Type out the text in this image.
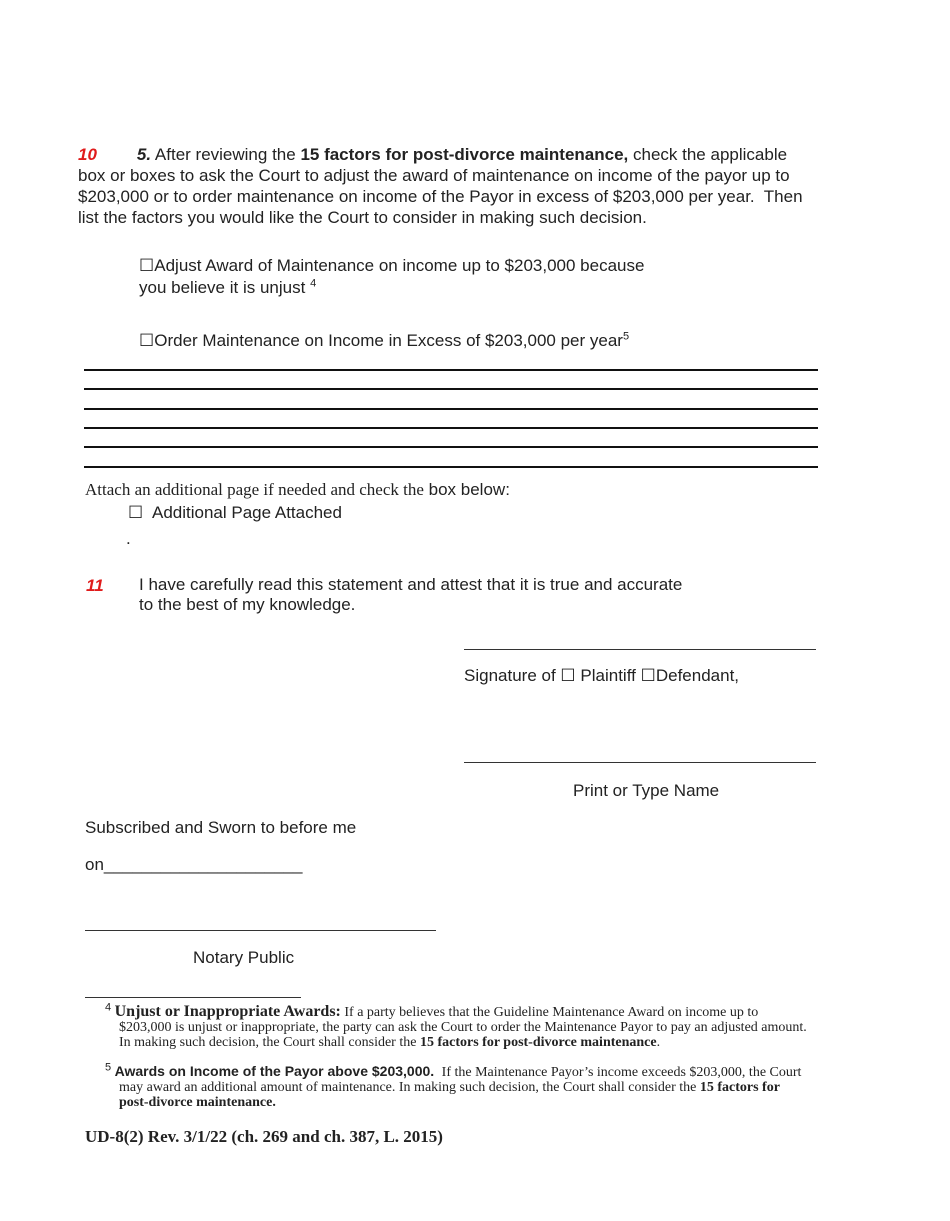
10 5. After reviewing the 15 factors for post-divorce maintenance, check the applicable
box or boxes to ask the Court to adjust the award of maintenance on income of the payor up to
$203,000 or to order maintenance on income of the Payor in excess of $203,000 per year.  Then
list the factors you would like the Court to consider in making such decision.
☐Adjust Award of Maintenance on income up to $203,000 because
you believe it is unjust $^4$
☐Order Maintenance on Income in Excess of $203,000 per year$^5$
Attach an additional page if needed and check the box below:
☐ Additional Page Attached
.
11 I have carefully read this statement and attest that it is true and accurate
to the best of my knowledge.
Signature of ☐ Plaintiff ☐Defendant,
Print or Type Name
Subscribed and Sworn to before me
on_____________________
Notary Public
$^4$ Unjust or Inappropriate Awards: If a party believes that the Guideline Maintenance Award on income up to
$203,000 is unjust or inappropriate, the party can ask the Court to order the Maintenance Payor to pay an adjusted amount.
In making such decision, the Court shall consider the 15 factors for post-divorce maintenance.
$^5$ Awards on Income of the Payor above $203,000. If the Maintenance Payor’s income exceeds $203,000, the Court
may award an additional amount of maintenance. In making such decision, the Court shall consider the 15 factors for
post-divorce maintenance.
UD-8(2) Rev. 3/1/22 (ch. 269 and ch. 387, L. 2015)
